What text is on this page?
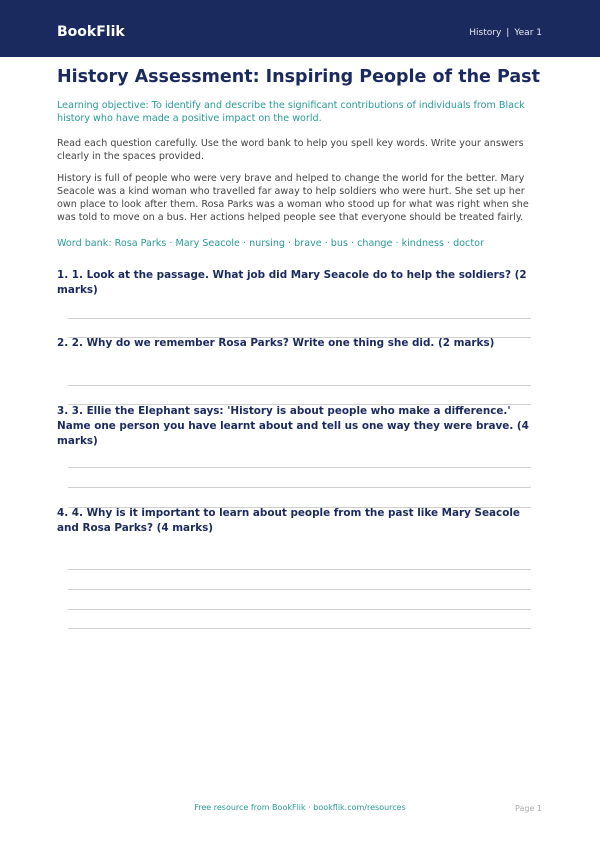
BookFlik	History | Year 1
History Assessment: Inspiring People of the Past

Learning objective: To identify and describe the significant contributions of individuals from Black history who have made a positive impact on the world.

Read each question carefully. Use the word bank to help you spell key words. Write your answers clearly in the spaces provided.

History is full of people who were very brave and helped to change the world for the better. Mary Seacole was a kind woman who travelled far away to help soldiers who were hurt. She set up her own place to look after them. Rosa Parks was a woman who stood up for what was right when she was told to move on a bus. Her actions helped people see that everyone should be treated fairly.

Word bank: Rosa Parks · Mary Seacole · nursing · brave · bus · change · kindness · doctor

1. 1. Look at the passage. What job did Mary Seacole do to help the soldiers? (2 marks)

2. 2. Why do we remember Rosa Parks? Write one thing she did. (2 marks)

3. 3. Ellie the Elephant says: 'History is about people who make a difference.' Name one person you have learnt about and tell us one way they were brave. (4 marks)

4. 4. Why is it important to learn about people from the past like Mary Seacole and Rosa Parks? (4 marks)

Free resource from BookFlik · bookflik.com/resources	Page 1
